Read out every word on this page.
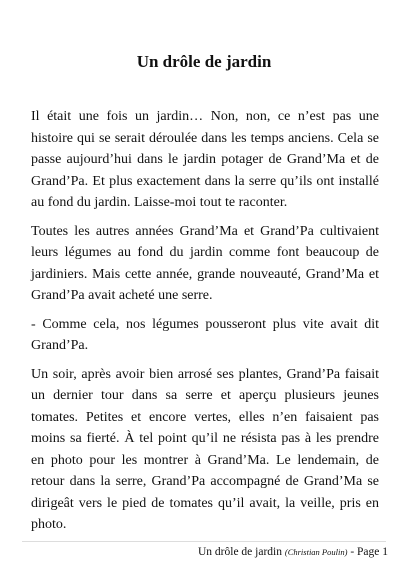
Un drôle de jardin

Il était une fois un jardin… Non, non, ce n’est pas une histoire qui se serait déroulée dans les temps anciens. Cela se passe aujourd’hui dans le jardin potager de Grand’Ma et de Grand’Pa. Et plus exactement dans la serre qu’ils ont installé au fond du jardin. Laisse-moi tout te raconter.

Toutes les autres années Grand’Ma et Grand’Pa cultivaient leurs légumes au fond du jardin comme font beaucoup de jardiniers. Mais cette année, grande nouveauté, Grand’Ma et Grand’Pa avait acheté une serre.

- Comme cela, nos légumes pousseront plus vite avait dit Grand’Pa.

Un soir, après avoir bien arrosé ses plantes, Grand’Pa faisait un dernier tour dans sa serre et aperçu plusieurs jeunes tomates. Petites et encore vertes, elles n’en faisaient pas moins sa fierté. À tel point qu’il ne résista pas à les prendre en photo pour les montrer à Grand’Ma. Le lendemain, de retour dans la serre, Grand’Pa accompagné de Grand’Ma se dirigeât vers le pied de tomates qu’il avait, la veille, pris en photo.

Un drôle de jardin (Christian Poulin) - Page 1
